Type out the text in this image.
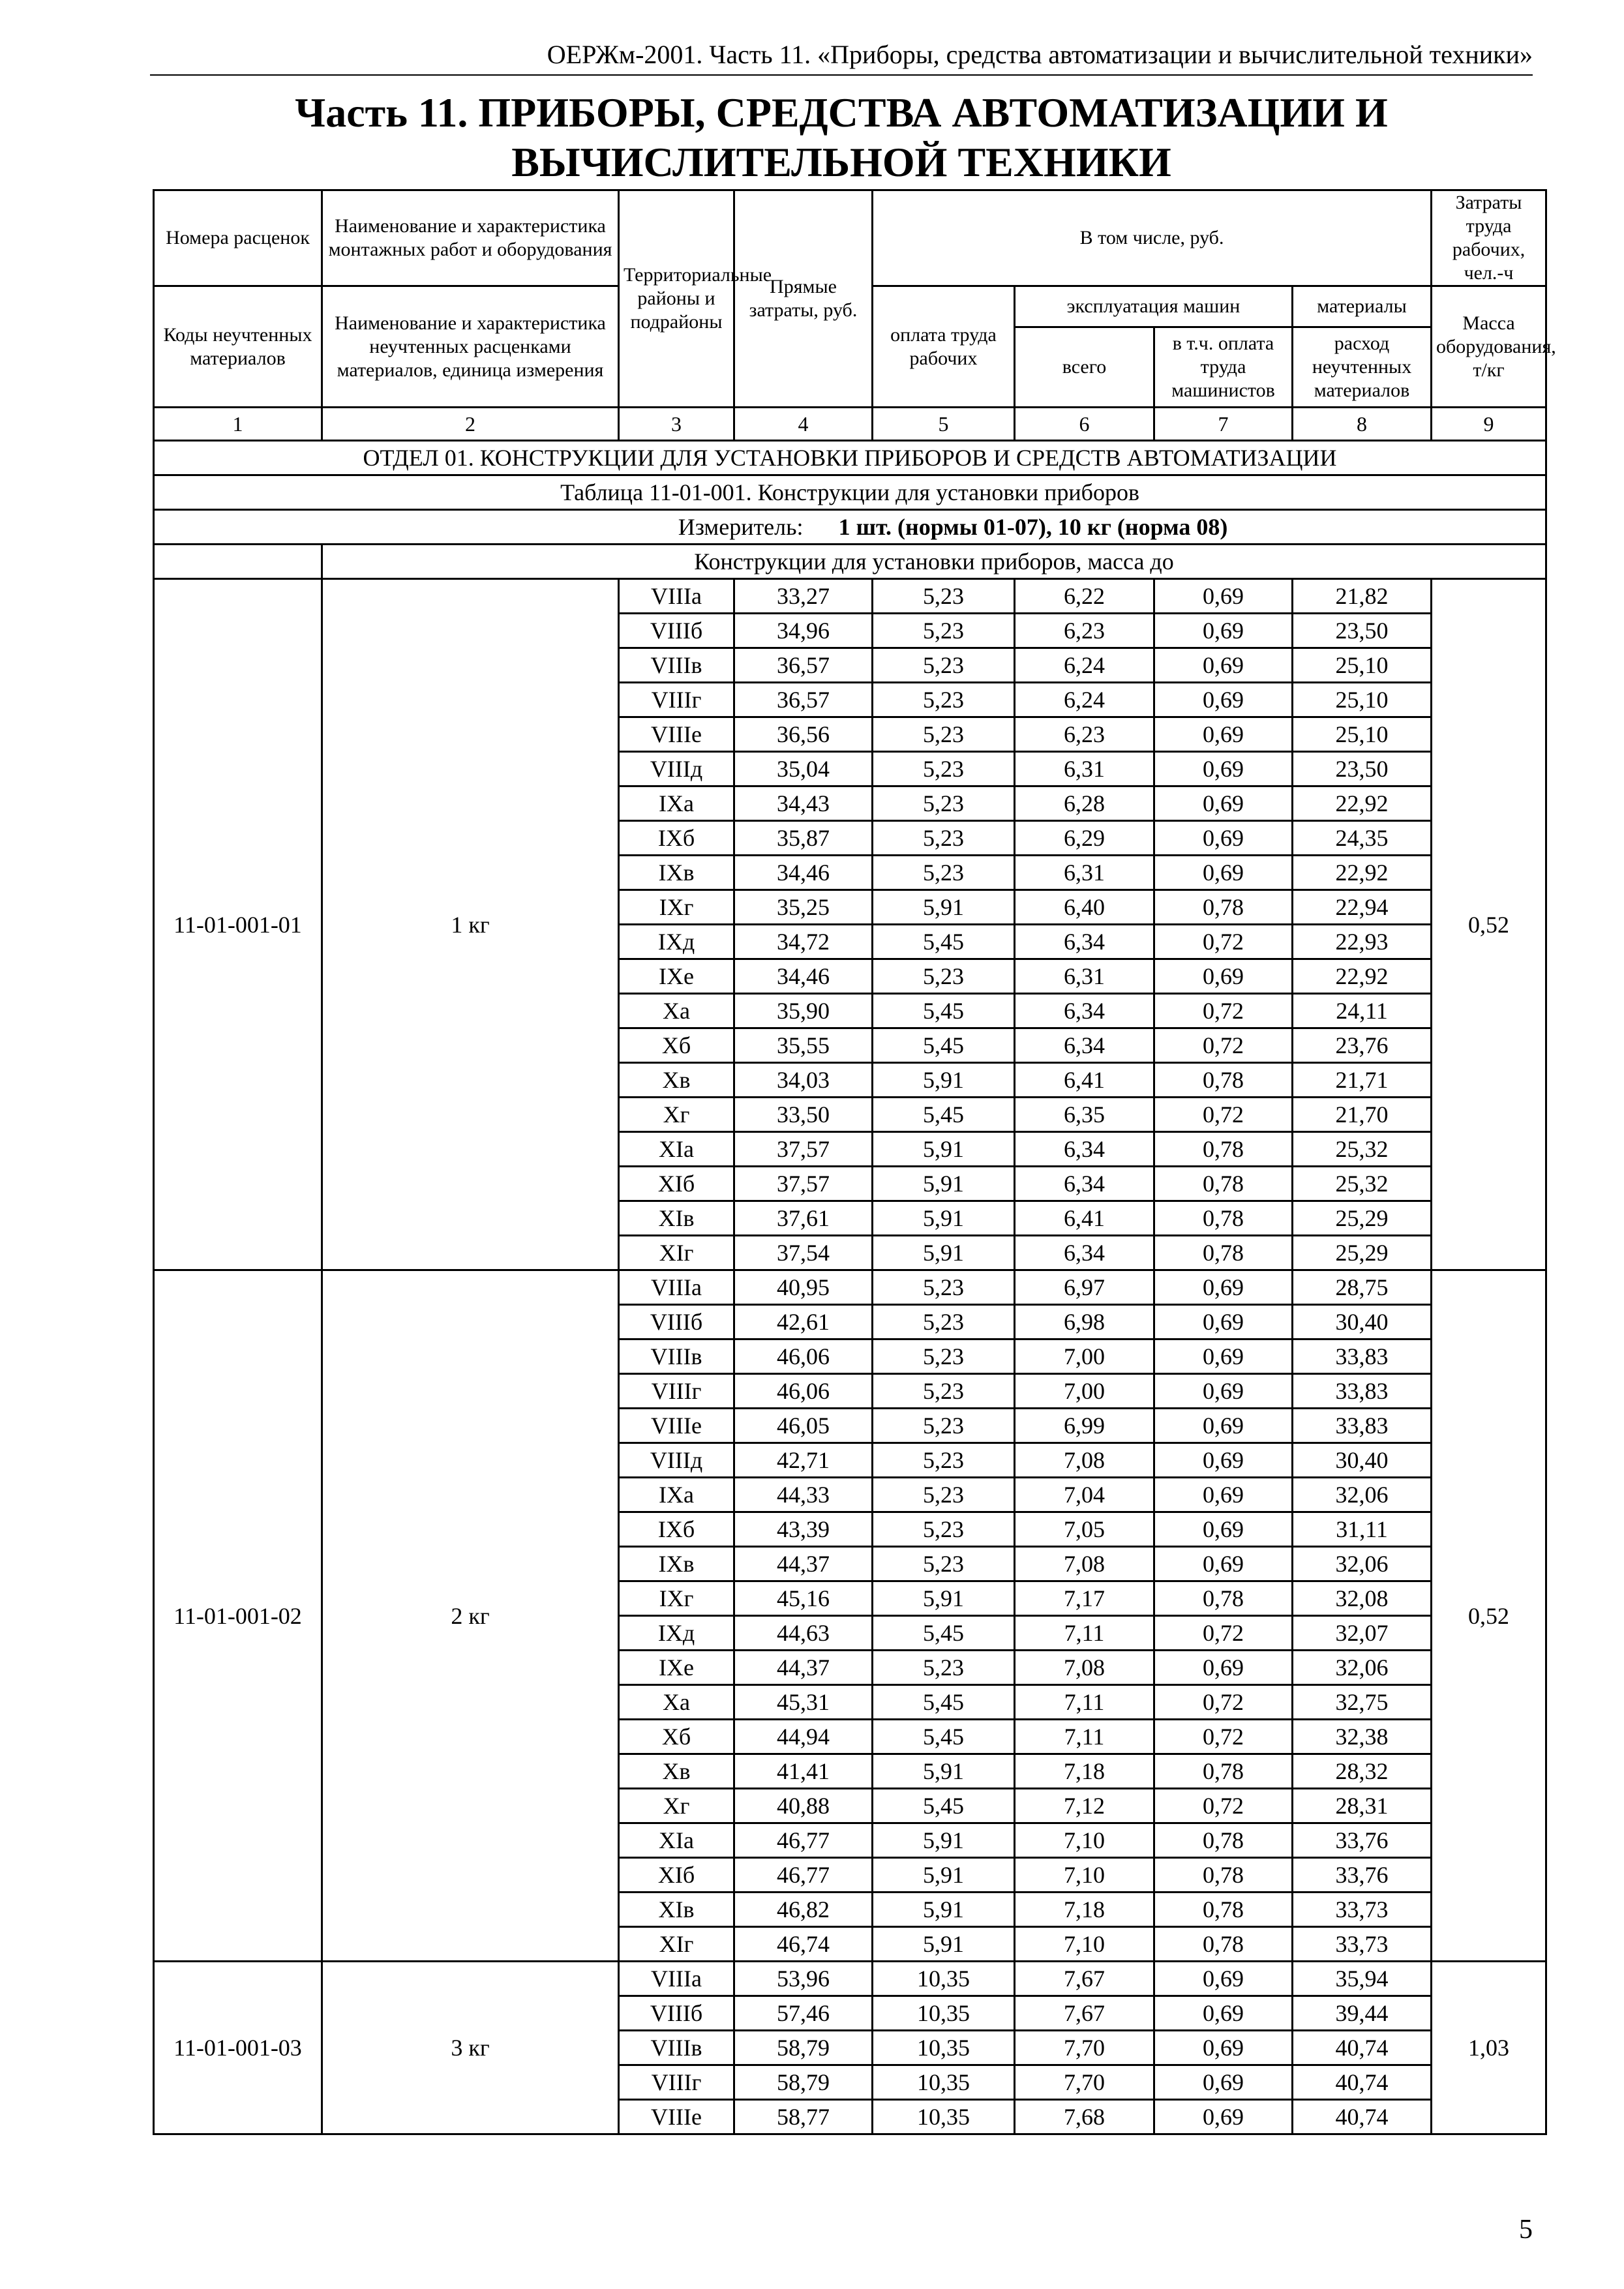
ОЕРЖм-2001. Часть 11. «Приборы, средства автоматизации и вычислительной техники»
Часть 11. ПРИБОРЫ, СРЕДСТВА АВТОМАТИЗАЦИИ И
ВЫЧИСЛИТЕЛЬНОЙ ТЕХНИКИ
Номера расценок	Наименование и характеристика монтажных работ и оборудования	Территориальные районы и подрайоны	Прямые затраты, руб.	В том числе, руб.				Затраты труда рабочих, чел.-ч
Коды неучтенных материалов	Наименование и характеристика неучтенных расценками материалов, единица измерения			оплата труда рабочих	эксплуатация машин		материалы	Масса оборудования, т/кг
					всего	в т.ч. оплата труда машинистов	расход неучтенных материалов	
1	2	3	4	5	6	7	8	9
ОТДЕЛ 01. КОНСТРУКЦИИ ДЛЯ УСТАНОВКИ ПРИБОРОВ И СРЕДСТВ АВТОМАТИЗАЦИИ								
Таблица 11-01-001. Конструкции для установки приборов								
Измеритель: 1 шт. (нормы 01-07), 10 кг (норма 08)								
	Конструкции для установки приборов, масса до							
11-01-001-01	1 кг	VIIIа	33,27	5,23	6,22	0,69	21,82	0,52
		VIIIб	34,96	5,23	6,23	0,69	23,50	
		VIIIв	36,57	5,23	6,24	0,69	25,10	
		VIIIг	36,57	5,23	6,24	0,69	25,10	
		VIIIе	36,56	5,23	6,23	0,69	25,10	
		VIIIд	35,04	5,23	6,31	0,69	23,50	
		IXа	34,43	5,23	6,28	0,69	22,92	
		IXб	35,87	5,23	6,29	0,69	24,35	
		IXв	34,46	5,23	6,31	0,69	22,92	
		IXг	35,25	5,91	6,40	0,78	22,94	
		IXд	34,72	5,45	6,34	0,72	22,93	
		IXе	34,46	5,23	6,31	0,69	22,92	
		Xа	35,90	5,45	6,34	0,72	24,11	
		Xб	35,55	5,45	6,34	0,72	23,76	
		Xв	34,03	5,91	6,41	0,78	21,71	
		Xг	33,50	5,45	6,35	0,72	21,70	
		XIа	37,57	5,91	6,34	0,78	25,32	
		XIб	37,57	5,91	6,34	0,78	25,32	
		XIв	37,61	5,91	6,41	0,78	25,29	
		XIг	37,54	5,91	6,34	0,78	25,29	
11-01-001-02	2 кг	VIIIа	40,95	5,23	6,97	0,69	28,75	0,52
		VIIIб	42,61	5,23	6,98	0,69	30,40	
		VIIIв	46,06	5,23	7,00	0,69	33,83	
		VIIIг	46,06	5,23	7,00	0,69	33,83	
		VIIIе	46,05	5,23	6,99	0,69	33,83	
		VIIIд	42,71	5,23	7,08	0,69	30,40	
		IXа	44,33	5,23	7,04	0,69	32,06	
		IXб	43,39	5,23	7,05	0,69	31,11	
		IXв	44,37	5,23	7,08	0,69	32,06	
		IXг	45,16	5,91	7,17	0,78	32,08	
		IXд	44,63	5,45	7,11	0,72	32,07	
		IXе	44,37	5,23	7,08	0,69	32,06	
		Xа	45,31	5,45	7,11	0,72	32,75	
		Xб	44,94	5,45	7,11	0,72	32,38	
		Xв	41,41	5,91	7,18	0,78	28,32	
		Xг	40,88	5,45	7,12	0,72	28,31	
		XIа	46,77	5,91	7,10	0,78	33,76	
		XIб	46,77	5,91	7,10	0,78	33,76	
		XIв	46,82	5,91	7,18	0,78	33,73	
		XIг	46,74	5,91	7,10	0,78	33,73	
11-01-001-03	3 кг	VIIIа	53,96	10,35	7,67	0,69	35,94	1,03
		VIIIб	57,46	10,35	7,67	0,69	39,44	
		VIIIв	58,79	10,35	7,70	0,69	40,74	
		VIIIг	58,79	10,35	7,70	0,69	40,74	
		VIIIе	58,77	10,35	7,68	0,69	40,74	
5
